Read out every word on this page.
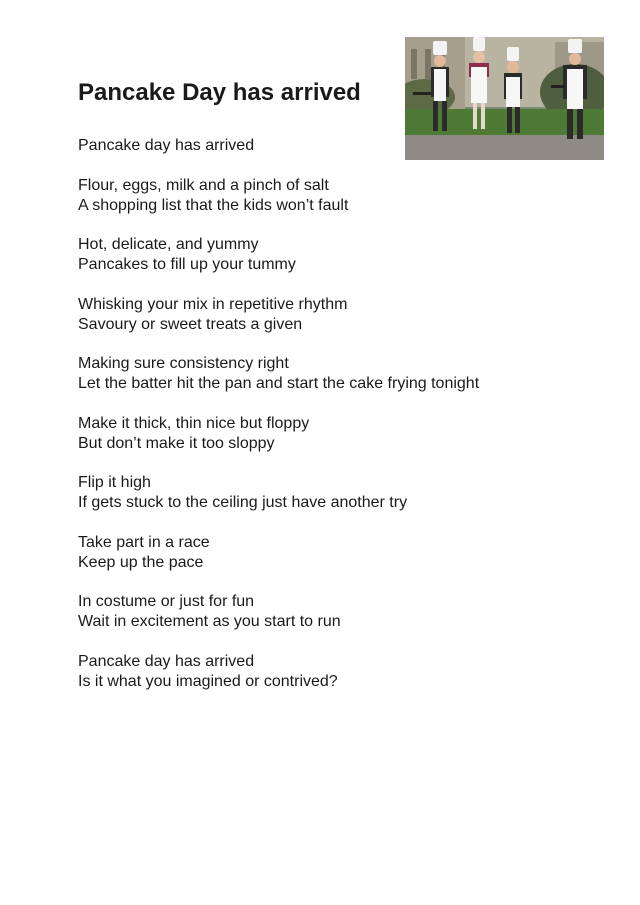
Pancake Day has arrived
Pancake day has arrived
Flour, eggs, milk and a pinch of salt
A shopping list that the kids won’t fault
Hot, delicate, and yummy
Pancakes to fill up your tummy
Whisking your mix in repetitive rhythm
Savoury or sweet treats a given
Making sure consistency right
Let the batter hit the pan and start the cake frying tonight
Make it thick, thin nice but floppy
But don’t make it too sloppy
Flip it high
If gets stuck to the ceiling just have another try
Take part in a race
Keep up the pace
In costume or just for fun
Wait in excitement as you start to run
Pancake day has arrived
Is it what you imagined or contrived?
